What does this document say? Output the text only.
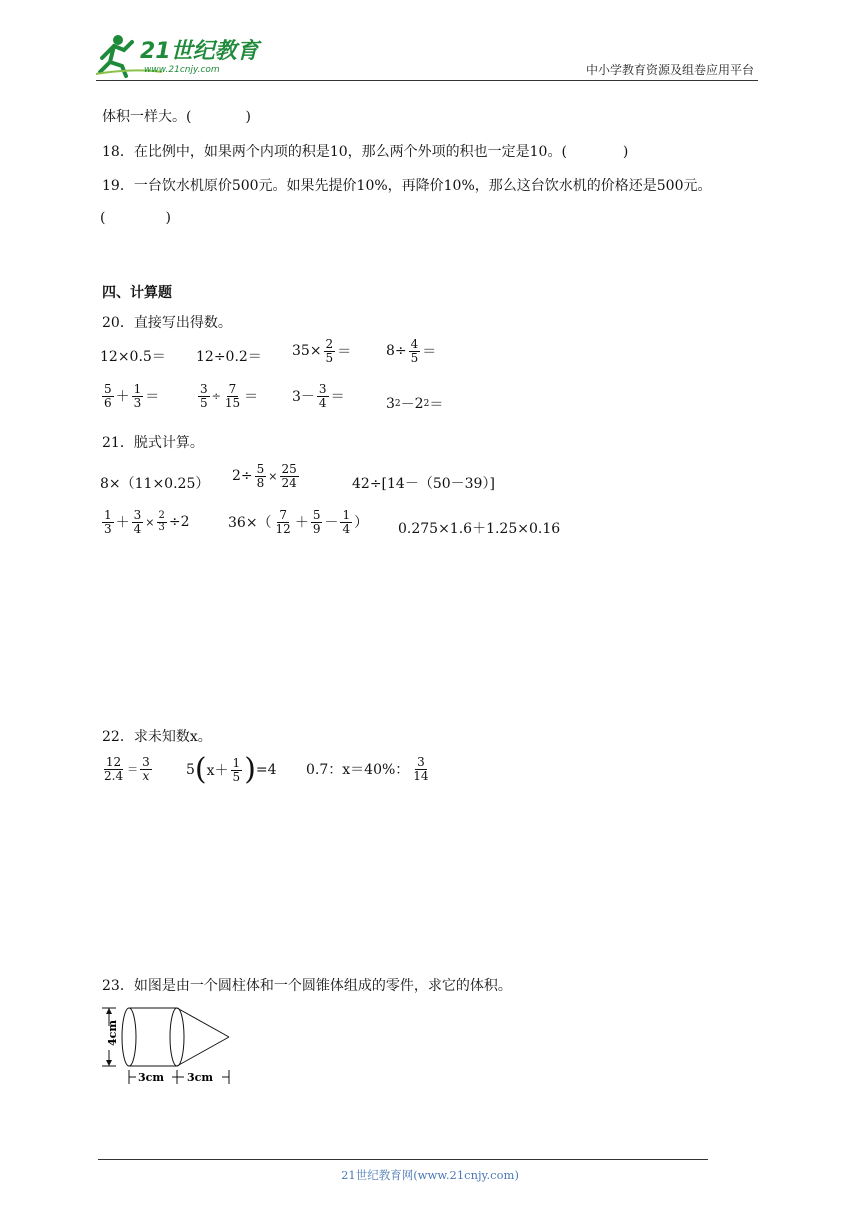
21世纪教育
www.21cnjy.com	中小学教育资源及组卷应用平台
体积一样大。(	)
18．在比例中，如果两个内项的积是10，那么两个外项的积也一定是10。(	)
19．一台饮水机原价500元。如果先提价10%，再降价10%，那么这台饮水机的价格还是500元。
(	)
四、计算题
20．直接写出得数。
$12\times 0.5= 12\div 0.2= 35\times \frac{2}{5} = 8\div \frac{4}{5}$ ＝
$\frac{5}{6} + \frac{1}{3}$ ＝	$\frac{3}{5} \div \frac{7}{15} = 3- \frac{3}{4}$ ＝	3 2 － 2 2 ＝
21．脱式计算。
8×（11×0.25） $2\div \frac{5}{8} \times \frac{25}{24}$	42÷[14－（50－39）]
$\frac{1}{3} + \frac{3}{4} \times \frac{2}{3} \div 2$	$36\times( \frac{7}{12} + \frac{5}{9} - \frac{1}{4}$ ） 0.275×1.6＋1.25×0.16
22．求未知数x。
$\frac{12}{2.4} = \frac{3}{x} 5$ ( $x+ \frac{1}{5}$ ) =4 0.7：x＝40%： $\frac{3}{14}$
23．如图是由一个圆柱体和一个圆锥体组成的零件，求它的体积。
4cm
3cm 3cm
21世纪教育网(www.21cnjy.com)
